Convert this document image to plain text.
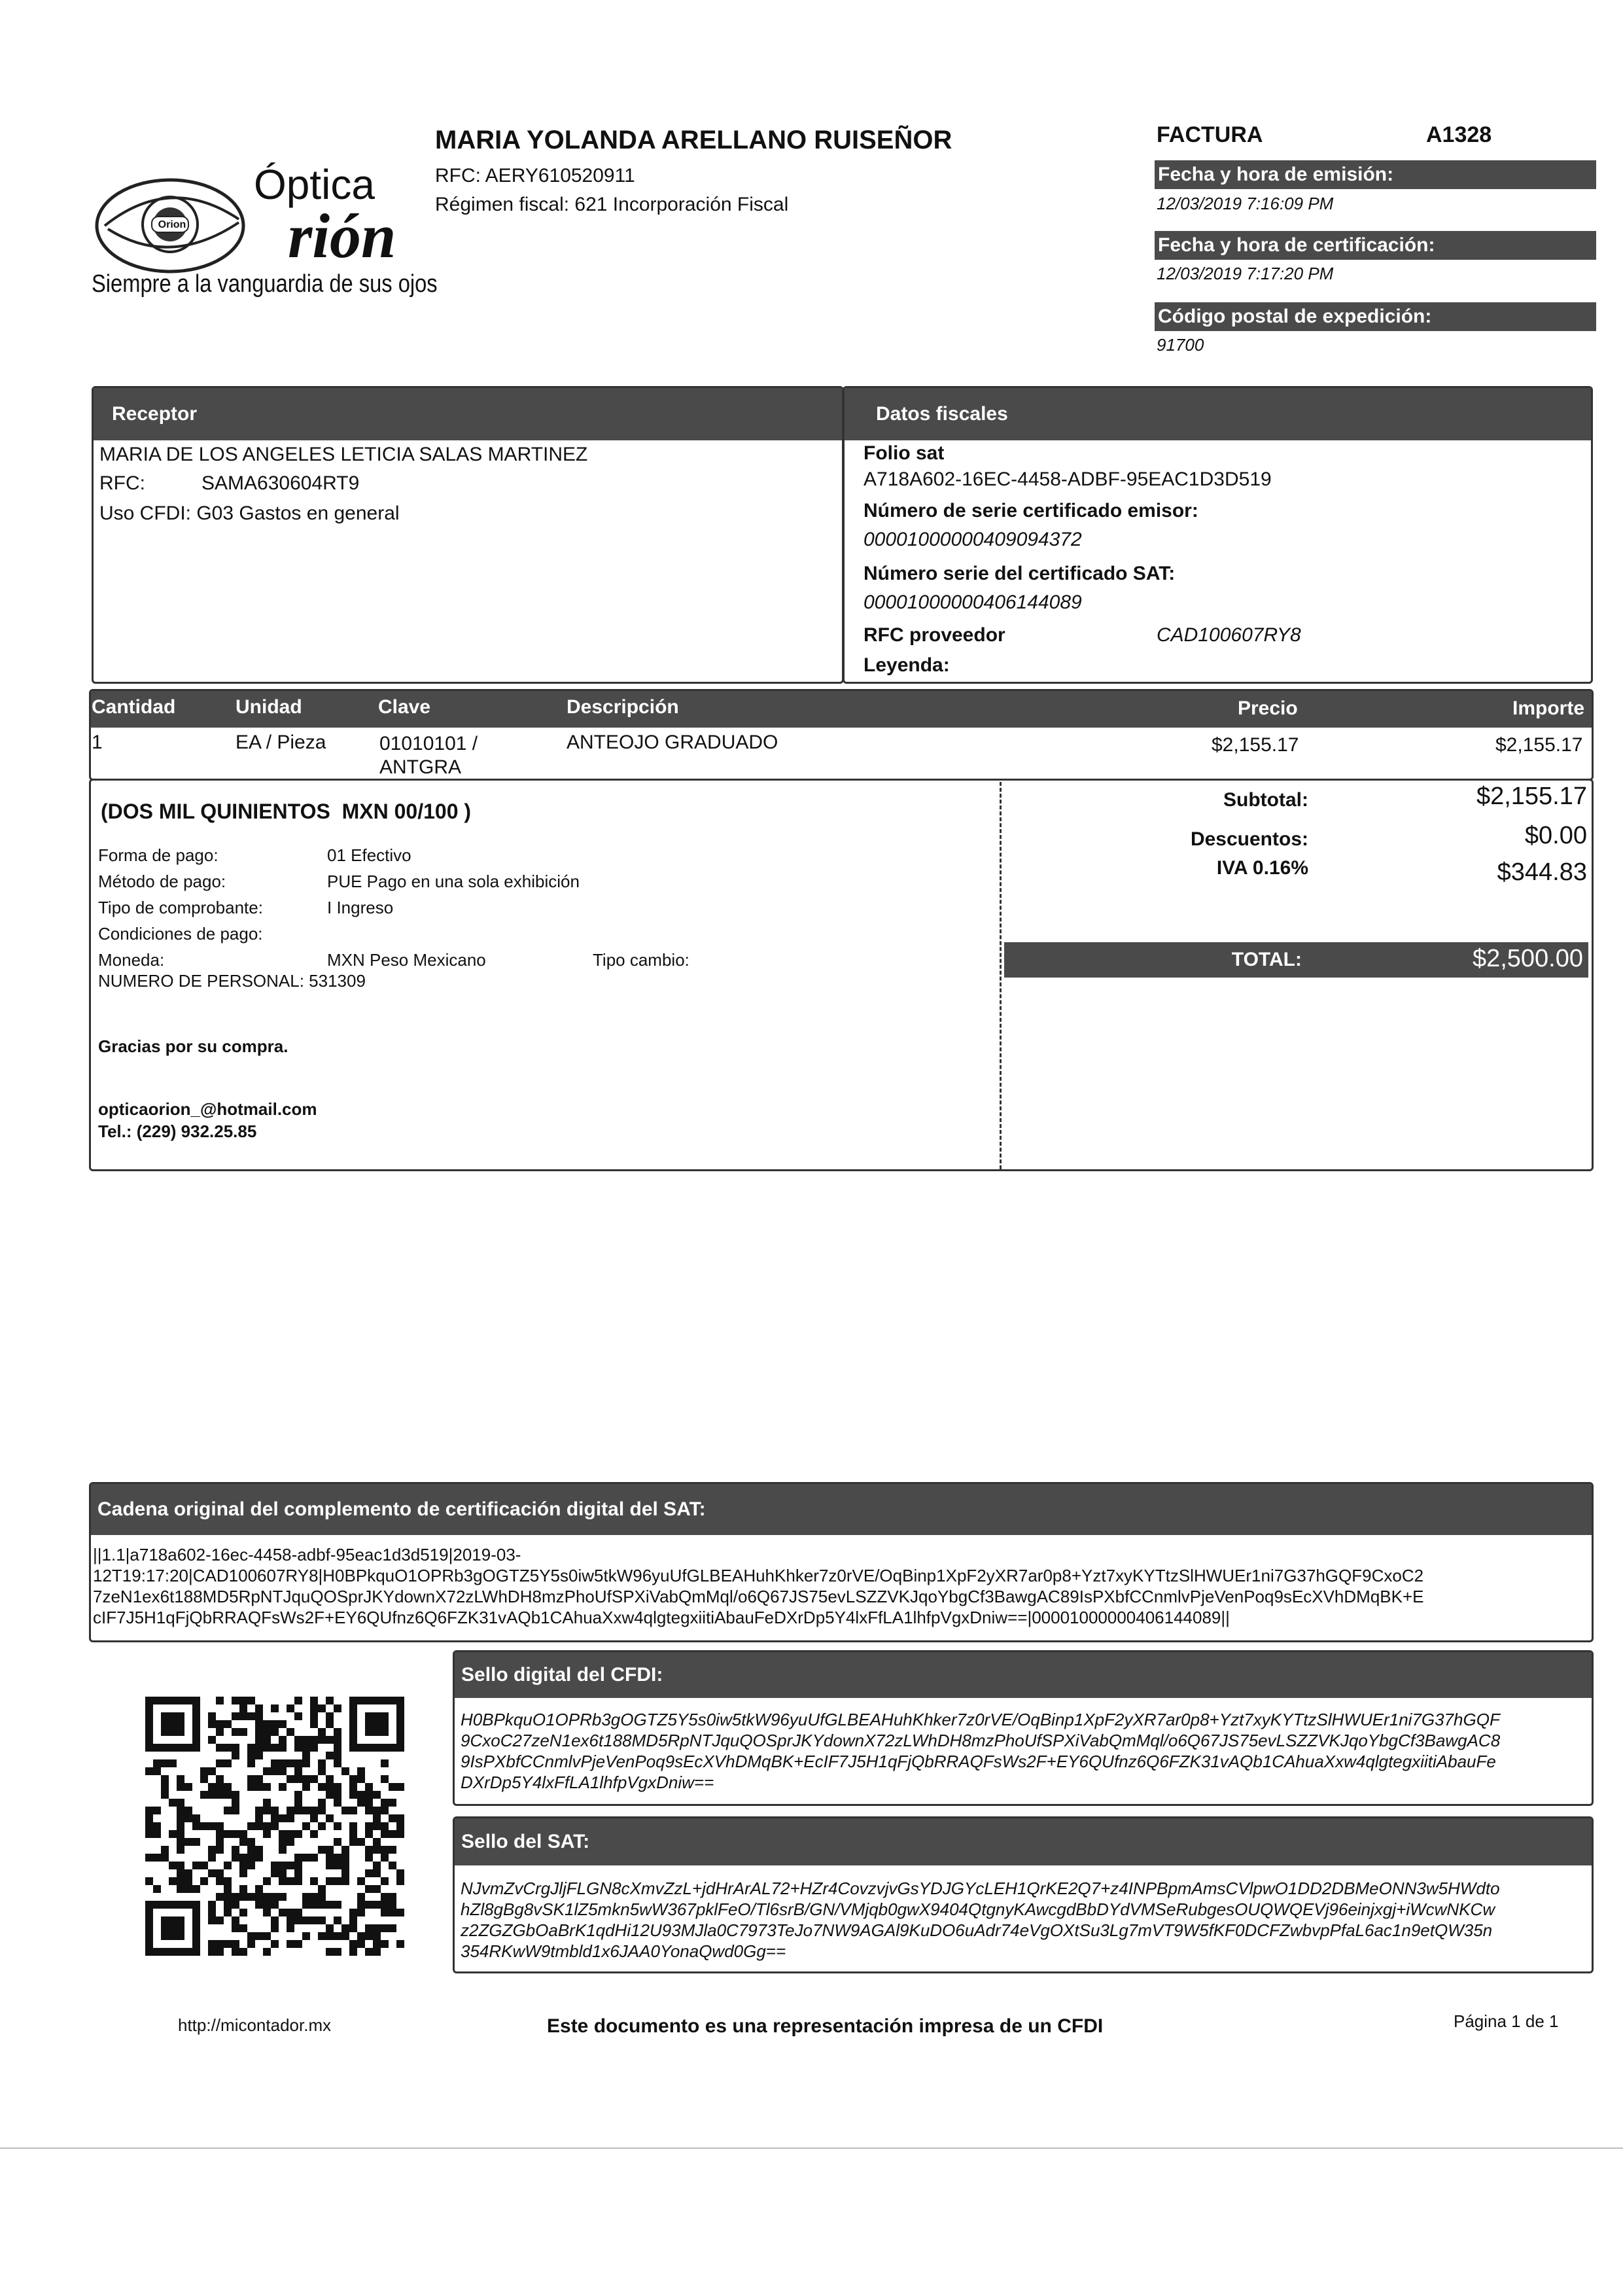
Orion
Óptica
rión
Siempre a la vanguardia de sus ojos
MARIA YOLANDA ARELLANO RUISEÑOR
RFC: AERY610520911
Régimen fiscal: 621 Incorporación Fiscal
FACTURA	A1328
Fecha y hora de emisión:
12/03/2019 7:16:09 PM
Fecha y hora de certificación:
12/03/2019 7:17:20 PM
Código postal de expedición:
91700
Receptor
MARIA DE LOS ANGELES LETICIA SALAS MARTINEZ
RFC:	SAMA630604RT9
Uso CFDI: G03 Gastos en general
Datos fiscales
Folio sat
A718A602-16EC-4458-ADBF-95EAC1D3D519
Número de serie certificado emisor:
00001000000409094372
Número serie del certificado SAT:
00001000000406144089
RFC proveedor	CAD100607RY8
Leyenda:
Cantidad	Unidad	Clave	Descripción	Precio	Importe
1	EA / Pieza	01010101 /
ANTGRA
ANTEOJO GRADUADO	$2,155.17	$2,155.17
(DOS MIL QUINIENTOS  MXN 00/100 )
Forma de pago:	01 Efectivo
Método de pago:	PUE Pago en una sola exhibición
Tipo de comprobante:	I Ingreso
Condiciones de pago:
Moneda:	MXN Peso Mexicano	Tipo cambio:
NUMERO DE PERSONAL: 531309
Gracias por su compra.
opticaorion_@hotmail.com
Tel.: (229) 932.25.85
Subtotal:	$2,155.17
Descuentos:	$0.00
IVA 0.16%	$344.83
TOTAL:	$2,500.00
Cadena original del complemento de certificación digital del SAT:
||1.1|a718a602-16ec-4458-adbf-95eac1d3d519|2019-03-
12T19:17:20|CAD100607RY8|H0BPkquO1OPRb3gOGTZ5Y5s0iw5tkW96yuUfGLBEAHuhKhker7z0rVE/OqBinp1XpF2yXR7ar0p8+Yzt7xyKYTtzSlHWUEr1ni7G37hGQF9CxoC2
7zeN1ex6t188MD5RpNTJquQOSprJKYdownX72zLWhDH8mzPhoUfSPXiVabQmMql/o6Q67JS75evLSZZVKJqoYbgCf3BawgAC89IsPXbfCCnmlvPjeVenPoq9sEcXVhDMqBK+E
cIF7J5H1qFjQbRRAQFsWs2F+EY6QUfnz6Q6FZK31vAQb1CAhuaXxw4qlgtegxiitiAbauFeDXrDp5Y4lxFfLA1lhfpVgxDniw==|00001000000406144089||
Sello digital del CFDI:
H0BPkquO1OPRb3gOGTZ5Y5s0iw5tkW96yuUfGLBEAHuhKhker7z0rVE/OqBinp1XpF2yXR7ar0p8+Yzt7xyKYTtzSlHWUEr1ni7G37hGQF
9CxoC27zeN1ex6t188MD5RpNTJquQOSprJKYdownX72zLWhDH8mzPhoUfSPXiVabQmMql/o6Q67JS75evLSZZVKJqoYbgCf3BawgAC8
9IsPXbfCCnmlvPjeVenPoq9sEcXVhDMqBK+EcIF7J5H1qFjQbRRAQFsWs2F+EY6QUfnz6Q6FZK31vAQb1CAhuaXxw4qlgtegxiitiAbauFe
DXrDp5Y4lxFfLA1lhfpVgxDniw==
Sello del SAT:
NJvmZvCrgJljFLGN8cXmvZzL+jdHrArAL72+HZr4CovzvjvGsYDJGYcLEH1QrKE2Q7+z4INPBpmAmsCVlpwO1DD2DBMeONN3w5HWdto
hZl8gBg8vSK1lZ5mkn5wW367pklFeO/Tl6srB/GN/VMjqb0gwX9404QtgnyKAwcgdBbDYdVMSeRubgesOUQWQEVj96einjxgj+iWcwNKCw
z2ZGZGbOaBrK1qdHi12U93MJla0C7973TeJo7NW9AGAl9KuDO6uAdr74eVgOXtSu3Lg7mVT9W5fKF0DCFZwbvpPfaL6ac1n9etQW35n
354RKwW9tmbld1x6JAA0YonaQwd0Gg==
http://micontador.mx	Este documento es una representación impresa de un CFDI	Página 1 de 1
